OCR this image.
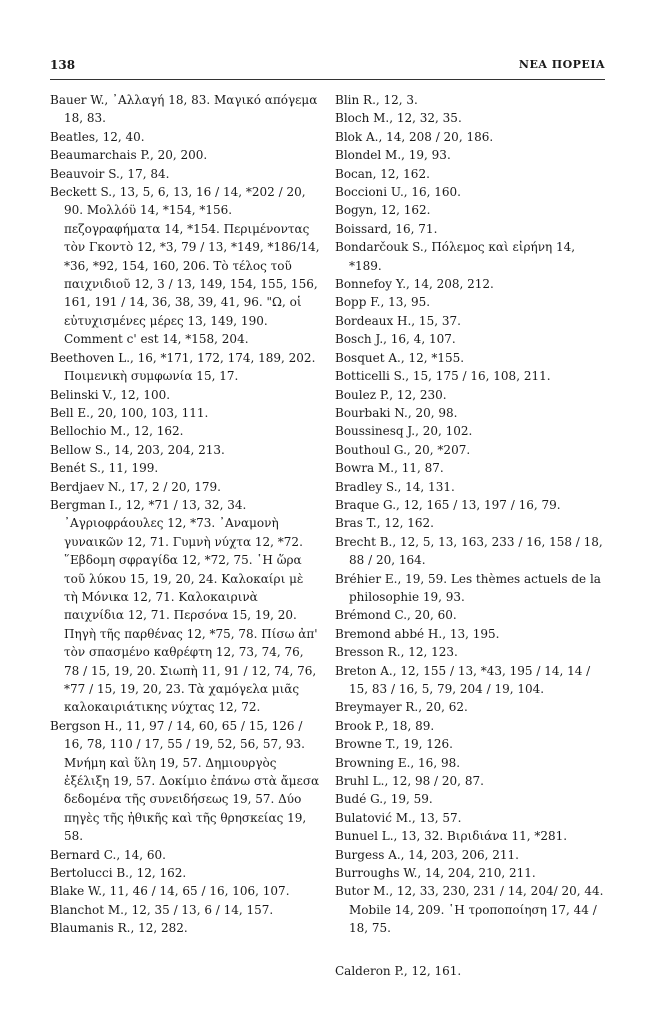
138	ΝΕΑ ΠΟΡΕΙΑ
Bauer W., ᾿Αλλαγή 18, 83. Μαγικό απόγεμα 18, 83.
Beatles, 12, 40.
Beaumarchais P., 20, 200.
Beauvoir S., 17, 84.
Beckett S., 13, 5, 6, 13, 16 / 14, *202 / 20, 90. Μολλόϋ 14, *154, *156. πεζογραφήματα 14, *154. Περιμένοντας τὸν Γκοντὸ 12, *3, 79 / 13, *149, *186/14, *36, *92, 154, 160, 206. Τὸ τέλος τοῦ παιχνιδιοῦ 12, 3 / 13, 149, 154, 155, 156, 161, 191 / 14, 36, 38, 39, 41, 96. "Ω, οἱ εὐτυχισμένες μέρες 13, 149, 190. Comment c' est 14, *158, 204.
Beethoven L., 16, *171, 172, 174, 189, 202. Ποιμενικὴ συμφωνία 15, 17.
Belinski V., 12, 100.
Bell E., 20, 100, 103, 111.
Bellochio M., 12, 162.
Bellow S., 14, 203, 204, 213.
Benét S., 11, 199.
Berdjaev N., 17, 2 / 20, 179.
Bergman I., 12, *71 / 13, 32, 34. ᾿Αγριοφράουλες 12, *73. ᾿Αναμονὴ γυναικῶν 12, 71. Γυμνὴ νύχτα 12, *72. ῞Εβδομη σφραγίδα 12, *72, 75. ῾Η ὥρα τοῦ λύκου 15, 19, 20, 24. Καλοκαίρι μὲ τὴ Μόνικα 12, 71. Καλοκαιρινὰ παιχνίδια 12, 71. Περσόνα 15, 19, 20. Πηγὴ τῆς παρθένας 12, *75, 78. Πίσω ἀπ' τὸν σπασμένο καθρέφτη 12, 73, 74, 76, 78 / 15, 19, 20. Σιωπὴ 11, 91 / 12, 74, 76, *77 / 15, 19, 20, 23. Τὰ χαμόγελα μιᾶς καλοκαιριάτικης νύχτας 12, 72.
Bergson H., 11, 97 / 14, 60, 65 / 15, 126 / 16, 78, 110 / 17, 55 / 19, 52, 56, 57, 93. Μνήμη καὶ ὕλη 19, 57. Δημιουργὸς ἐξέλιξη 19, 57. Δοκίμιο ἐπάνω στὰ ἄμεσα δεδομένα τῆς συνειδήσεως 19, 57. Δύο πηγὲς τῆς ἠθικῆς καὶ τῆς θρησκείας 19, 58.
Bernard C., 14, 60.
Bertolucci B., 12, 162.
Blake W., 11, 46 / 14, 65 / 16, 106, 107.
Blanchot M., 12, 35 / 13, 6 / 14, 157.
Blaumanis R., 12, 282.
Blin R., 12, 3.
Bloch M., 12, 32, 35.
Blok A., 14, 208 / 20, 186.
Blondel M., 19, 93.
Bocan, 12, 162.
Boccioni U., 16, 160.
Bogyn, 12, 162.
Boissard, 16, 71.
Bondarčouk S., Πόλεμος καὶ εἰρήνη 14, *189.
Bonnefoy Y., 14, 208, 212.
Bopp F., 13, 95.
Bordeaux H., 15, 37.
Bosch J., 16, 4, 107.
Bosquet A., 12, *155.
Botticelli S., 15, 175 / 16, 108, 211.
Boulez P., 12, 230.
Bourbaki N., 20, 98.
Boussinesq J., 20, 102.
Bouthoul G., 20, *207.
Bowra M., 11, 87.
Bradley S., 14, 131.
Braque G., 12, 165 / 13, 197 / 16, 79.
Bras T., 12, 162.
Brecht B., 12, 5, 13, 163, 233 / 16, 158 / 18, 88 / 20, 164.
Bréhier E., 19, 59. Les thèmes actuels de la philosophie 19, 93.
Brémond C., 20, 60.
Bremond abbé H., 13, 195.
Bresson R., 12, 123.
Breton A., 12, 155 / 13, *43, 195 / 14, 14 / 15, 83 / 16, 5, 79, 204 / 19, 104.
Breymayer R., 20, 62.
Brook P., 18, 89.
Browne T., 19, 126.
Browning E., 16, 98.
Bruhl L., 12, 98 / 20, 87.
Budé G., 19, 59.
Bulatović M., 13, 57.
Bunuel L., 13, 32. Βιριδιάνα 11, *281.
Burgess A., 14, 203, 206, 211.
Burroughs W., 14, 204, 210, 211.
Butor M., 12, 33, 230, 231 / 14, 204/ 20, 44. Mobile 14, 209. ῾Η τροποποίηση 17, 44 / 18, 75.
Calderon P., 12, 161.
